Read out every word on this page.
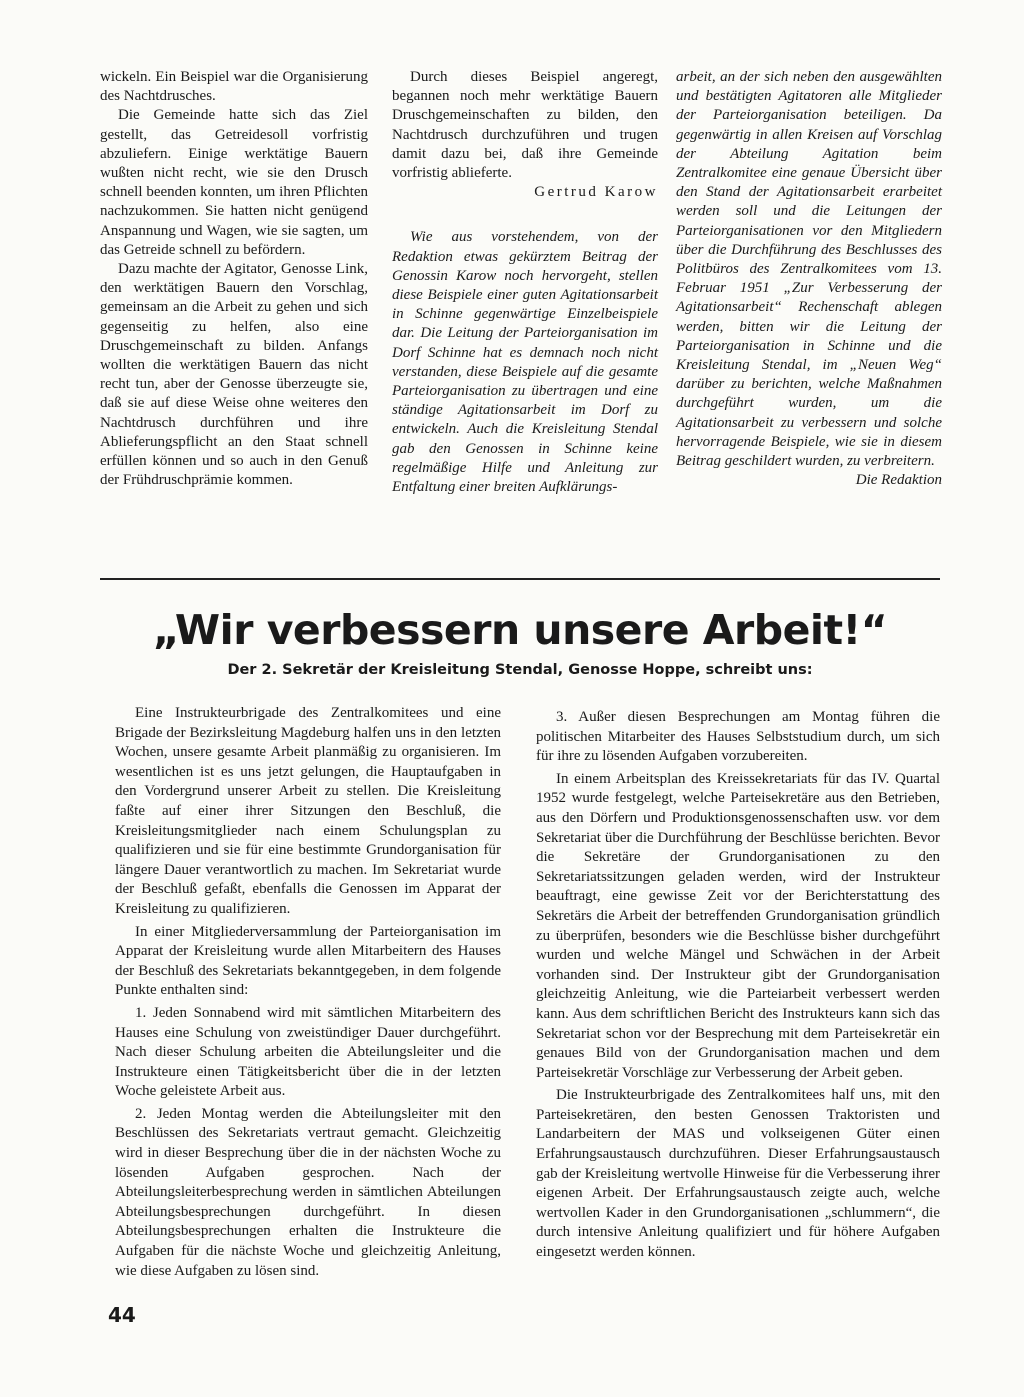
wickeln. Ein Beispiel war die Organisierung des Nachtdrusches.

Die Gemeinde hatte sich das Ziel gestellt, das Getreidesoll vorfristig abzuliefern. Einige werktätige Bauern wußten nicht recht, wie sie den Drusch schnell beenden konnten, um ihren Pflichten nachzukommen. Sie hatten nicht genügend Anspannung und Wagen, wie sie sagten, um das Getreide schnell zu befördern.

Dazu machte der Agitator, Genosse Link, den werktätigen Bauern den Vorschlag, gemeinsam an die Arbeit zu gehen und sich gegenseitig zu helfen, also eine Druschgemeinschaft zu bilden. Anfangs wollten die werktätigen Bauern das nicht recht tun, aber der Genosse überzeugte sie, daß sie auf diese Weise ohne weiteres den Nachtdrusch durchführen und ihre Ablieferungspflicht an den Staat schnell erfüllen können und so auch in den Genuß der Frühdruschprämie kommen.

Durch dieses Beispiel angeregt, begannen noch mehr werktätige Bauern Druschgemeinschaften zu bilden, den Nachtdrusch durchzuführen und trugen damit dazu bei, daß ihre Gemeinde vorfristig ablieferte.

Gertrud Karow

Wie aus vorstehendem, von der Redaktion etwas gekürztem Beitrag der Genossin Karow noch hervorgeht, stellen diese Beispiele einer guten Agitationsarbeit in Schinne gegenwärtige Einzelbeispiele dar. Die Leitung der Parteiorganisation im Dorf Schinne hat es demnach noch nicht verstanden, diese Beispiele auf die gesamte Parteiorganisation zu übertragen und eine ständige Agitationsarbeit im Dorf zu entwickeln. Auch die Kreisleitung Stendal gab den Genossen in Schinne keine regelmäßige Hilfe und Anleitung zur Entfaltung einer breiten Aufklärungs-

arbeit, an der sich neben den ausgewählten und bestätigten Agitatoren alle Mitglieder der Parteiorganisation beteiligen. Da gegenwärtig in allen Kreisen auf Vorschlag der Abteilung Agitation beim Zentralkomitee eine genaue Übersicht über den Stand der Agitationsarbeit erarbeitet werden soll und die Leitungen der Parteiorganisationen vor den Mitgliedern über die Durchführung des Beschlusses des Politbüros des Zentralkomitees vom 13. Februar 1951 „Zur Verbesserung der Agitationsarbeit“ Rechenschaft ablegen werden, bitten wir die Leitung der Parteiorganisation in Schinne und die Kreisleitung Stendal, im „Neuen Weg“ darüber zu berichten, welche Maßnahmen durchgeführt wurden, um die Agitationsarbeit zu verbessern und solche hervorragende Beispiele, wie sie in diesem Beitrag geschildert wurden, zu verbreitern.

Die Redaktion

„Wir verbessern unsere Arbeit!“
Der 2. Sekretär der Kreisleitung Stendal, Genosse Hoppe, schreibt uns:

Eine Instrukteurbrigade des Zentralkomitees und eine Brigade der Bezirksleitung Magdeburg halfen uns in den letzten Wochen, unsere gesamte Arbeit planmäßig zu organisieren. Im wesentlichen ist es uns jetzt gelungen, die Hauptaufgaben in den Vordergrund unserer Arbeit zu stellen. Die Kreisleitung faßte auf einer ihrer Sitzungen den Beschluß, die Kreisleitungsmitglieder nach einem Schulungsplan zu qualifizieren und sie für eine bestimmte Grundorganisation für längere Dauer verantwortlich zu machen. Im Sekretariat wurde der Beschluß gefaßt, ebenfalls die Genossen im Apparat der Kreisleitung zu qualifizieren.

In einer Mitgliederversammlung der Parteiorganisation im Apparat der Kreisleitung wurde allen Mitarbeitern des Hauses der Beschluß des Sekretariats bekanntgegeben, in dem folgende Punkte enthalten sind:

1. Jeden Sonnabend wird mit sämtlichen Mitarbeitern des Hauses eine Schulung von zweistündiger Dauer durchgeführt. Nach dieser Schulung arbeiten die Abteilungsleiter und die Instrukteure einen Tätigkeitsbericht über die in der letzten Woche geleistete Arbeit aus.

2. Jeden Montag werden die Abteilungsleiter mit den Beschlüssen des Sekretariats vertraut gemacht. Gleichzeitig wird in dieser Besprechung über die in der nächsten Woche zu lösenden Aufgaben gesprochen. Nach der Abteilungsleiterbesprechung werden in sämtlichen Abteilungen Abteilungsbesprechungen durchgeführt. In diesen Abteilungsbesprechungen erhalten die Instrukteure die Aufgaben für die nächste Woche und gleichzeitig Anleitung, wie diese Aufgaben zu lösen sind.

3. Außer diesen Besprechungen am Montag führen die politischen Mitarbeiter des Hauses Selbststudium durch, um sich für ihre zu lösenden Aufgaben vorzubereiten.

In einem Arbeitsplan des Kreissekretariats für das IV. Quartal 1952 wurde festgelegt, welche Parteisekretäre aus den Betrieben, aus den Dörfern und Produktionsgenossenschaften usw. vor dem Sekretariat über die Durchführung der Beschlüsse berichten. Bevor die Sekretäre der Grundorganisationen zu den Sekretariatssitzungen geladen werden, wird der Instrukteur beauftragt, eine gewisse Zeit vor der Berichterstattung des Sekretärs die Arbeit der betreffenden Grundorganisation gründlich zu überprüfen, besonders wie die Beschlüsse bisher durchgeführt wurden und welche Mängel und Schwächen in der Arbeit vorhanden sind. Der Instrukteur gibt der Grundorganisation gleichzeitig Anleitung, wie die Parteiarbeit verbessert werden kann. Aus dem schriftlichen Bericht des Instrukteurs kann sich das Sekretariat schon vor der Besprechung mit dem Parteisekretär ein genaues Bild von der Grundorganisation machen und dem Parteisekretär Vorschläge zur Verbesserung der Arbeit geben.

Die Instrukteurbrigade des Zentralkomitees half uns, mit den Parteisekretären, den besten Genossen Traktoristen und Landarbeitern der MAS und volkseigenen Güter einen Erfahrungsaustausch durchzuführen. Dieser Erfahrungsaustausch gab der Kreisleitung wertvolle Hinweise für die Verbesserung ihrer eigenen Arbeit. Der Erfahrungsaustausch zeigte auch, welche wertvollen Kader in den Grundorganisationen „schlummern“, die durch intensive Anleitung qualifiziert und für höhere Aufgaben eingesetzt werden können.

44
